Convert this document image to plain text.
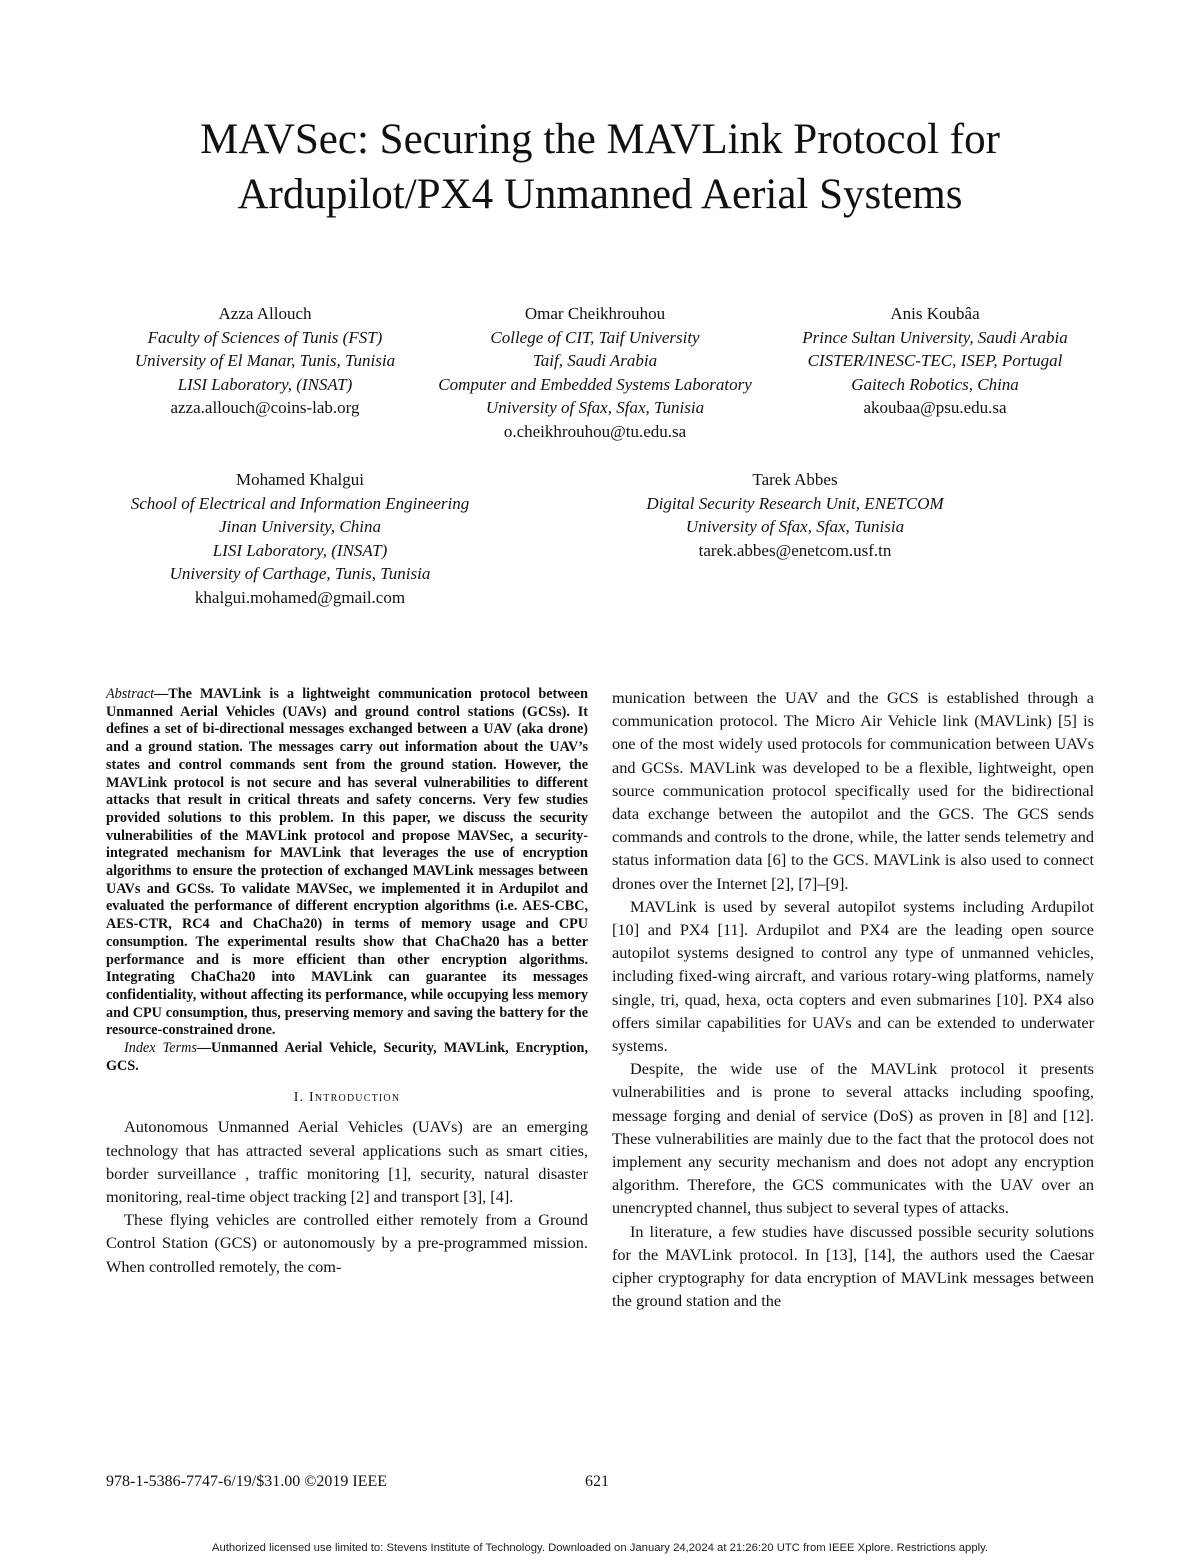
MAVSec: Securing the MAVLink Protocol for
Ardupilot/PX4 Unmanned Aerial Systems
Azza Allouch
Faculty of Sciences of Tunis (FST)
University of El Manar, Tunis, Tunisia
LISI Laboratory, (INSAT)
azza.allouch@coins-lab.org
Omar Cheikhrouhou
College of CIT, Taif University
Taif, Saudi Arabia
Computer and Embedded Systems Laboratory
University of Sfax, Sfax, Tunisia
o.cheikhrouhou@tu.edu.sa
Anis Koubâa
Prince Sultan University, Saudi Arabia
CISTER/INESC-TEC, ISEP, Portugal
Gaitech Robotics, China
akoubaa@psu.edu.sa
Mohamed Khalgui
School of Electrical and Information Engineering
Jinan University, China
LISI Laboratory, (INSAT)
University of Carthage, Tunis, Tunisia
khalgui.mohamed@gmail.com
Tarek Abbes
Digital Security Research Unit, ENETCOM
University of Sfax, Sfax, Tunisia
tarek.abbes@enetcom.usf.tn

Abstract—The MAVLink is a lightweight communication protocol between Unmanned Aerial Vehicles (UAVs) and ground control stations (GCSs). It defines a set of bi-directional messages exchanged between a UAV (aka drone) and a ground station. The messages carry out information about the UAV’s states and control commands sent from the ground station. However, the MAVLink protocol is not secure and has several vulnerabilities to different attacks that result in critical threats and safety concerns. Very few studies provided solutions to this problem. In this paper, we discuss the security vulnerabilities of the MAVLink protocol and propose MAVSec, a security-integrated mechanism for MAVLink that leverages the use of encryption algorithms to ensure the protection of exchanged MAVLink messages between UAVs and GCSs. To validate MAVSec, we implemented it in Ardupilot and evaluated the performance of different encryption algorithms (i.e. AES-CBC, AES-CTR, RC4 and ChaCha20) in terms of memory usage and CPU consumption. The experimental results show that ChaCha20 has a better performance and is more efficient than other encryption algorithms. Integrating ChaCha20 into MAVLink can guarantee its messages confidentiality, without affecting its performance, while occupying less memory and CPU consumption, thus, preserving memory and saving the battery for the resource-constrained drone.

Index Terms—Unmanned Aerial Vehicle, Security, MAVLink, Encryption, GCS.

I. Introduction

Autonomous Unmanned Aerial Vehicles (UAVs) are an emerging technology that has attracted several applications such as smart cities, border surveillance , traffic monitoring [1], security, natural disaster monitoring, real-time object tracking [2] and transport [3], [4].

These flying vehicles are controlled either remotely from a Ground Control Station (GCS) or autonomously by a pre-programmed mission. When controlled remotely, the com-

munication between the UAV and the GCS is established through a communication protocol. The Micro Air Vehicle link (MAVLink) [5] is one of the most widely used protocols for communication between UAVs and GCSs. MAVLink was developed to be a flexible, lightweight, open source communication protocol specifically used for the bidirectional data exchange between the autopilot and the GCS. The GCS sends commands and controls to the drone, while, the latter sends telemetry and status information data [6] to the GCS. MAVLink is also used to connect drones over the Internet [2], [7]–[9].

MAVLink is used by several autopilot systems including Ardupilot [10] and PX4 [11]. Ardupilot and PX4 are the leading open source autopilot systems designed to control any type of unmanned vehicles, including fixed-wing aircraft, and various rotary-wing platforms, namely single, tri, quad, hexa, octa copters and even submarines [10]. PX4 also offers similar capabilities for UAVs and can be extended to underwater systems.

Despite, the wide use of the MAVLink protocol it presents vulnerabilities and is prone to several attacks including spoofing, message forging and denial of service (DoS) as proven in [8] and [12]. These vulnerabilities are mainly due to the fact that the protocol does not implement any security mechanism and does not adopt any encryption algorithm. Therefore, the GCS communicates with the UAV over an unencrypted channel, thus subject to several types of attacks.

In literature, a few studies have discussed possible security solutions for the MAVLink protocol. In [13], [14], the authors used the Caesar cipher cryptography for data encryption of MAVLink messages between the ground station and the

978-1-5386-7747-6/19/$31.00 ©2019 IEEE	621
Authorized licensed use limited to: Stevens Institute of Technology. Downloaded on January 24,2024 at 21:26:20 UTC from IEEE Xplore. Restrictions apply.
